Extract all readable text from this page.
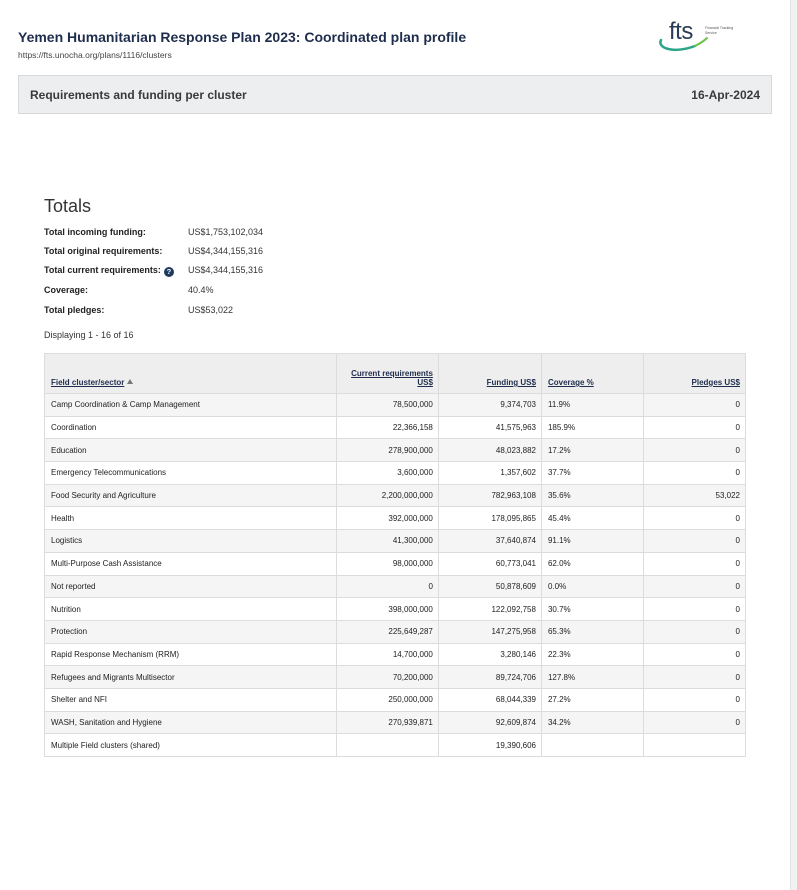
Yemen Humanitarian Response Plan 2023: Coordinated plan profile
https://fts.unocha.org/plans/1116/clusters
fts	Financial Tracking Service
Requirements and funding per cluster	16-Apr-2024
Totals
Total incoming funding:	US$1,753,102,034
Total original requirements:	US$4,344,155,316
Total current requirements: ?	US$4,344,155,316
Coverage:	40.4%
Total pledges:	US$53,022
Displaying 1 - 16 of 16
Field cluster/sector	Current requirements
US$	Funding US$	Coverage %	Pledges US$
Camp Coordination & Camp Management	78,500,000	9,374,703	11.9%	0
Coordination	22,366,158	41,575,963	185.9%	0
Education	278,900,000	48,023,882	17.2%	0
Emergency Telecommunications	3,600,000	1,357,602	37.7%	0
Food Security and Agriculture	2,200,000,000	782,963,108	35.6%	53,022
Health	392,000,000	178,095,865	45.4%	0
Logistics	41,300,000	37,640,874	91.1%	0
Multi-Purpose Cash Assistance	98,000,000	60,773,041	62.0%	0
Not reported	0	50,878,609	0.0%	0
Nutrition	398,000,000	122,092,758	30.7%	0
Protection	225,649,287	147,275,958	65.3%	0
Rapid Response Mechanism (RRM)	14,700,000	3,280,146	22.3%	0
Refugees and Migrants Multisector	70,200,000	89,724,706	127.8%	0
Shelter and NFI	250,000,000	68,044,339	27.2%	0
WASH, Sanitation and Hygiene	270,939,871	92,609,874	34.2%	0
Multiple Field clusters (shared)		19,390,606		
